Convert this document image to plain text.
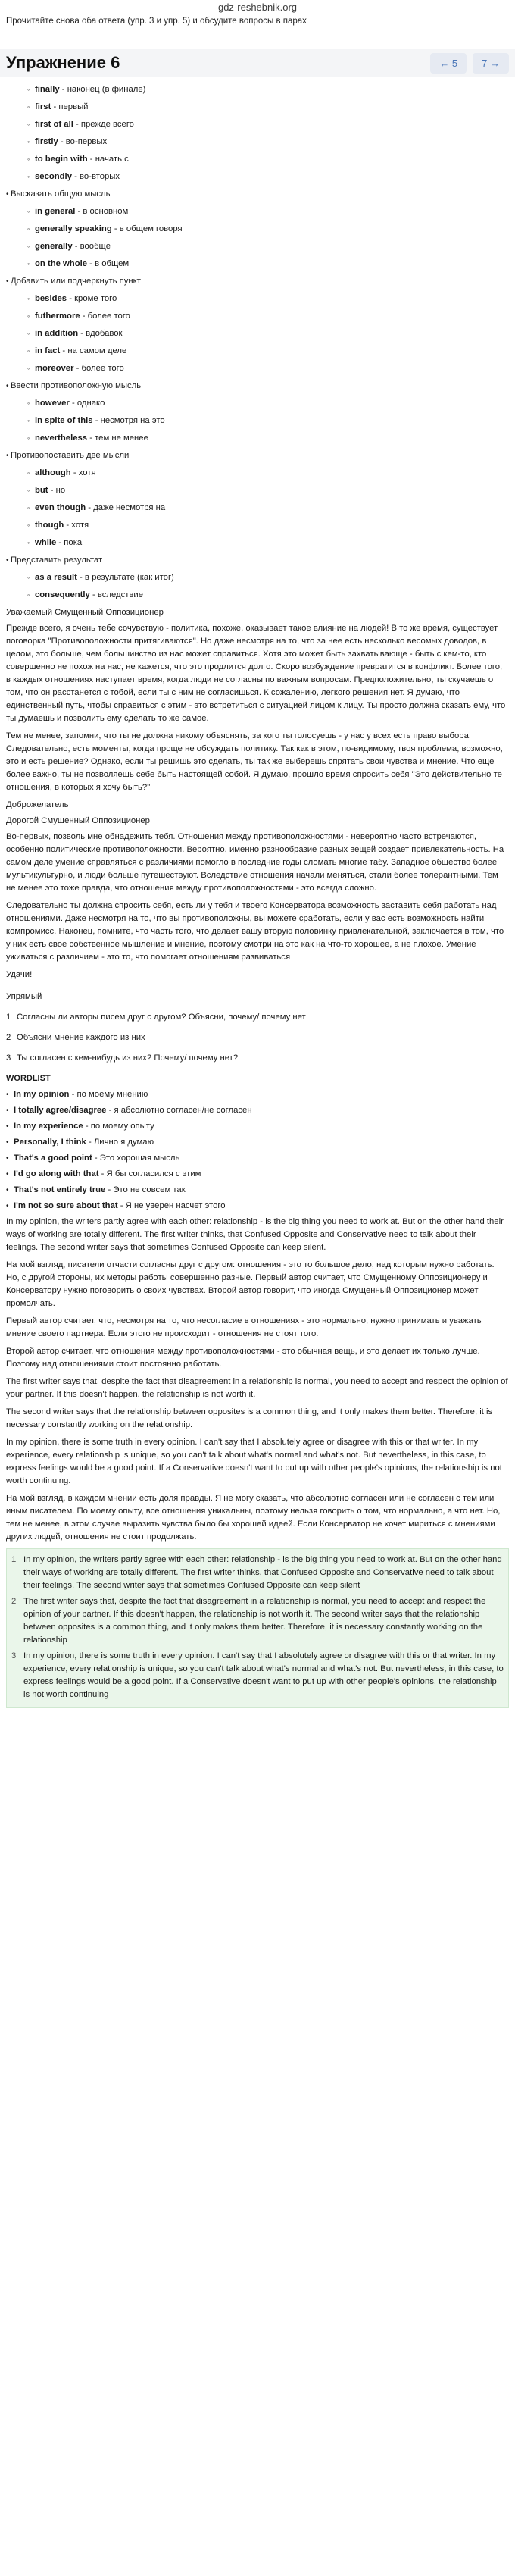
gdz-reshebnik.org
Прочитайте снова оба ответа (упр. 3 и упр. 5) и обсудите вопросы в парах
Упражнение 6	← 5	7 →
◦ finally - наконец (в финале)
◦ first - первый
◦ first of all - прежде всего
◦ firstly - во-первых
◦ to begin with - начать с
◦ secondly - во-вторых
• Высказать общую мысль
◦ in general - в основном
◦ generally speaking - в общем говоря
◦ generally - вообще
◦ on the whole - в общем
• Добавить или подчеркнуть пункт
◦ besides - кроме того
◦ futhermore - более того
◦ in addition - вдобавок
◦ in fact - на самом деле
◦ moreover - более того
• Ввести противоположную мысль
◦ however - однако
◦ in spite of this - несмотря на это
◦ nevertheless - тем не менее
• Противопоставить две мысли
◦ although - хотя
◦ but - но
◦ even though - даже несмотря на
◦ though - хотя
◦ while - пока
• Представить результат
◦ as a result - в результате (как итог)
◦ consequently - вследствие
Уважаемый Смущенный Оппозиционер
Прежде всего, я очень тебе сочувствую - политика, похоже, оказывает такое влияние на людей! В то же время, существует поговорка "Противоположности притягиваются". Но даже несмотря на то, что за нее есть несколько весомых доводов, в целом, это больше, чем большинство из нас может справиться. Хотя это может быть захватывающе - быть с кем-то, кто совершенно не похож на нас, не кажется, что это продлится долго. Скоро возбуждение превратится в конфликт. Более того, в каждых отношениях наступает время, когда люди не согласны по важным вопросам. Предположительно, ты скучаешь о том, что он расстанется с тобой, если ты с ним не согласишься. К сожалению, легкого решения нет. Я думаю, что единственный путь, чтобы справиться с этим - это встретиться с ситуацией лицом к лицу. Ты просто должна сказать ему, что ты думаешь и позволить ему сделать то же самое.
Тем не менее, запомни, что ты не должна никому объяснять, за кого ты голосуешь - у нас у всех есть право выбора. Следовательно, есть моменты, когда проще не обсуждать политику. Так как в этом, по-видимому, твоя проблема, возможно, это и есть решение? Однако, если ты решишь это сделать, ты так же выберешь спрятать свои чувства и мнение. Что еще более важно, ты не позволяешь себе быть настоящей собой. Я думаю, прошло время спросить себя "Это действительно те отношения, в которых я хочу быть?"
Доброжелатель
Дорогой Смущенный Оппозиционер
Во-первых, позволь мне обнадежить тебя. Отношения между противоположностями - невероятно часто встречаются, особенно политические противоположности. Вероятно, именно разнообразие разных вещей создает привлекательность. На самом деле умение справляться с различиями помогло в последние годы сломать многие табу. Западное общество более мультикультурно, и люди больше путешествуют. Вследствие отношения начали меняться, стали более толерантными. Тем не менее это тоже правда, что отношения между противоположностями - это всегда сложно.
Следовательно ты должна спросить себя, есть ли у тебя и твоего Консерватора возможность заставить себя работать над отношениями. Даже несмотря на то, что вы противоположны, вы можете сработать, если у вас есть возможность найти компромисс. Наконец, помните, что часть того, что делает вашу вторую половинку привлекательной, заключается в том, что у них есть свое собственное мышление и мнение, поэтому смотри на это как на что-то хорошее, а не плохое. Умение уживаться с различием - это то, что помогает отношениям развиваться
Удачи!
Упрямый
1 Согласны ли авторы писем друг с другом? Объясни, почему/ почему нет
2 Объясни мнение каждого из них
3 Ты согласен с кем-нибудь из них? Почему/ почему нет?
WORDLIST
• In my opinion - по моему мнению
• I totally agree/disagree - я абсолютно согласен/не согласен
• In my experience - по моему опыту
• Personally, I think - Лично я думаю
• That's a good point - Это хорошая мысль
• I'd go along with that - Я бы согласился с этим
• That's not entirely true - Это не совсем так
• I'm not so sure about that - Я не уверен насчет этого
In my opinion, the writers partly agree with each other: relationship - is the big thing you need to work at. But on the other hand their ways of working are totally different. The first writer thinks, that Confused Opposite and Conservative need to talk about their feelings. The second writer says that sometimes Confused Opposite can keep silent.
На мой взгляд, писатели отчасти согласны друг с другом: отношения - это то большое дело, над которым нужно работать. Но, с другой стороны, их методы работы совершенно разные. Первый автор считает, что Смущенному Оппозиционеру и Консерватору нужно поговорить о своих чувствах. Второй автор говорит, что иногда Смущенный Оппозиционер может промолчать.
Первый автор считает, что, несмотря на то, что несогласие в отношениях - это нормально, нужно принимать и уважать мнение своего партнера. Если этого не происходит - отношения не стоят того.
Второй автор считает, что отношения между противоположностями - это обычная вещь, и это делает их только лучше. Поэтому над отношениями стоит постоянно работать.
The first writer says that, despite the fact that disagreement in a relationship is normal, you need to accept and respect the opinion of your partner. If this doesn't happen, the relationship is not worth it.
The second writer says that the relationship between opposites is a common thing, and it only makes them better. Therefore, it is necessary constantly working on the relationship.
In my opinion, there is some truth in every opinion. I can't say that I absolutely agree or disagree with this or that writer. In my experience, every relationship is unique, so you can't talk about what's normal and what's not. But nevertheless, in this case, to express feelings would be a good point. If a Conservative doesn't want to put up with other people's opinions, the relationship is not worth continuing.
На мой взгляд, в каждом мнении есть доля правды. Я не могу сказать, что абсолютно согласен или не согласен с тем или иным писателем. По моему опыту, все отношения уникальны, поэтому нельзя говорить о том, что нормально, а что нет. Но, тем не менее, в этом случае выразить чувства было бы хорошей идеей. Если Консерватор не хочет мириться с мнениями других людей, отношения не стоит продолжать.
1 In my opinion, the writers partly agree with each other: relationship - is the big thing you need to work at. But on the other hand their ways of working are totally different. The first writer thinks, that Confused Opposite and Conservative need to talk about their feelings. The second writer says that sometimes Confused Opposite can keep silent
2 The first writer says that, despite the fact that disagreement in a relationship is normal, you need to accept and respect the opinion of your partner. If this doesn't happen, the relationship is not worth it. The second writer says that the relationship between opposites is a common thing, and it only makes them better. Therefore, it is necessary constantly working on the relationship
3 In my opinion, there is some truth in every opinion. I can't say that I absolutely agree or disagree with this or that writer. In my experience, every relationship is unique, so you can't talk about what's normal and what's not. But nevertheless, in this case, to express feelings would be a good point. If a Conservative doesn't want to put up with other people's opinions, the relationship is not worth continuing
